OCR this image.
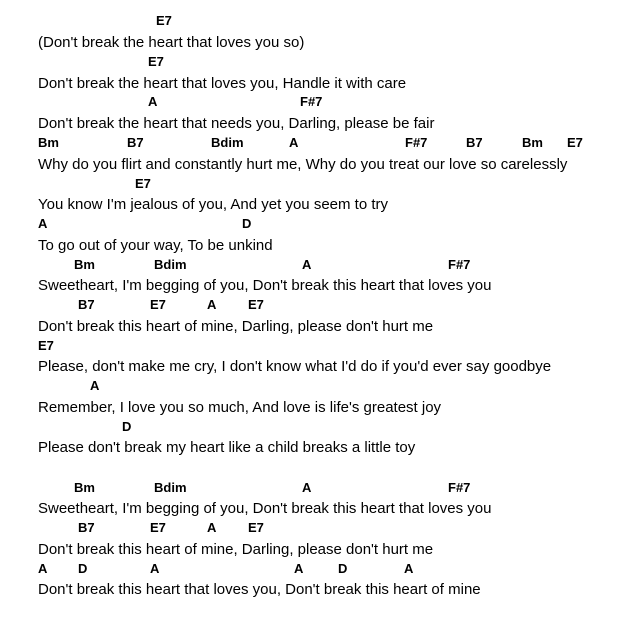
E7
(Don't break the heart that loves you so)
E7
Don't break the heart that loves you, Handle it with care
A	F#7
Don't break the heart that needs you, Darling, please be fair
Bm	B7	Bdim	A	F#7	B7	Bm E7
Why do you flirt and constantly hurt me, Why do you treat our love so carelessly
E7
You know I'm jealous of you, And yet you seem to try
A	D
To go out of your way, To be unkind
Bm	Bdim	A	F#7
Sweetheart, I'm begging of you, Don't break this heart that loves you
B7	E7	A E7
Don't break this heart of mine, Darling, please don't hurt me
E7
Please, don't make me cry, I don't know what I'd do if you'd ever say goodbye
A
Remember, I love you so much, And love is life's greatest joy
D
Please don't break my heart like a child breaks a little toy
Bm	Bdim	A	F#7
Sweetheart, I'm begging of you, Don't break this heart that loves you
B7	E7	A E7
Don't break this heart of mine, Darling, please don't hurt me
A D	A	A	D	A
Don't break this heart that loves you, Don't break this heart of mine
